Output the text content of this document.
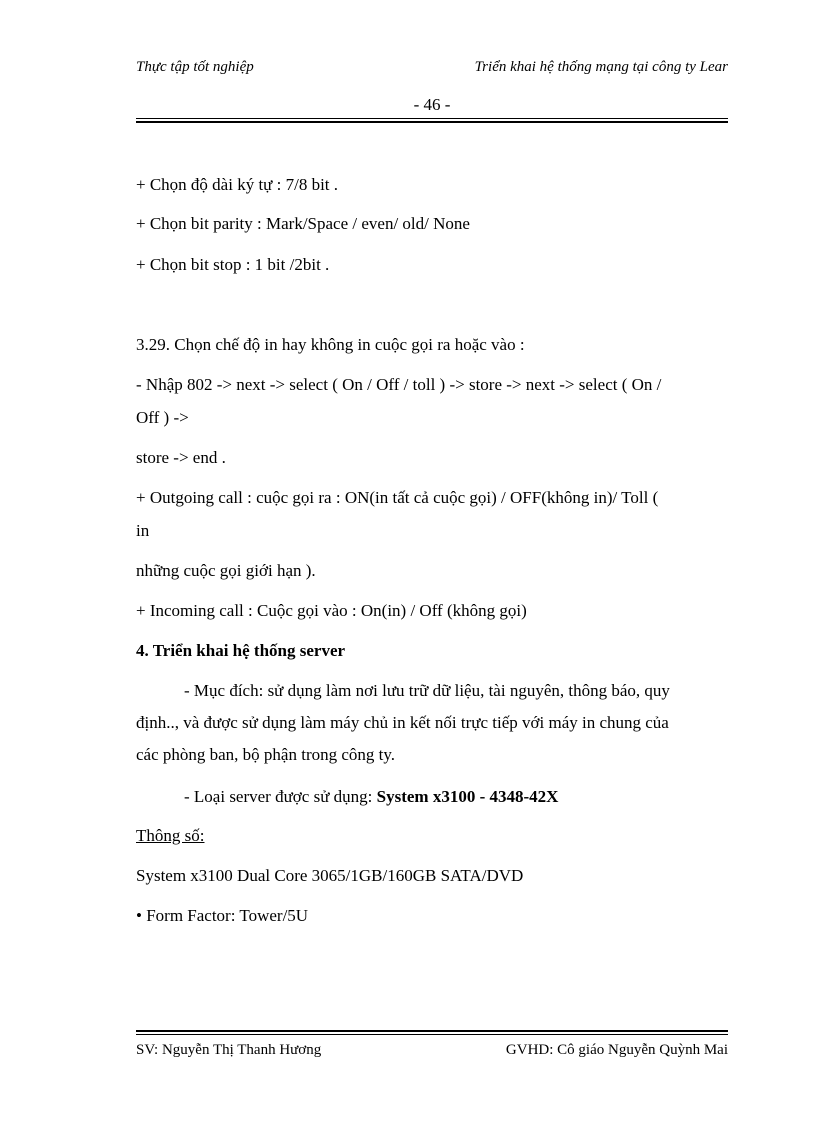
Thực tập tốt nghiệp	Triển khai hệ thống mạng tại công ty Lear
- 46 -
+ Chọn độ dài ký tự : 7/8 bit .
+ Chọn bit parity : Mark/Space / even/ old/ None
+ Chọn bit stop : 1 bit /2bit .
3.29. Chọn chế độ in hay không in cuộc gọi ra hoặc vào :
- Nhập 802 -> next -> select ( On / Off / toll ) -> store -> next -> select ( On /
Off ) ->
store -> end .
+ Outgoing call : cuộc gọi ra : ON(in tất cả cuộc gọi) / OFF(không in)/ Toll (
in
những cuộc gọi giới hạn ).
+ Incoming call : Cuộc gọi vào : On(in) / Off (không gọi)
4. Triển khai hệ thống server
- Mục đích: sử dụng làm nơi lưu trữ dữ liệu, tài nguyên, thông báo, quy
định.., và được sử dụng làm máy chủ in kết nối trực tiếp với máy in chung của
các phòng ban, bộ phận trong công ty.
- Loại server được sử dụng: System x3100 - 4348-42X
Thông số:
System x3100 Dual Core 3065/1GB/160GB SATA/DVD
• Form Factor: Tower/5U
SV: Nguyễn Thị Thanh Hương	GVHD: Cô giáo Nguyễn Quỳnh Mai
